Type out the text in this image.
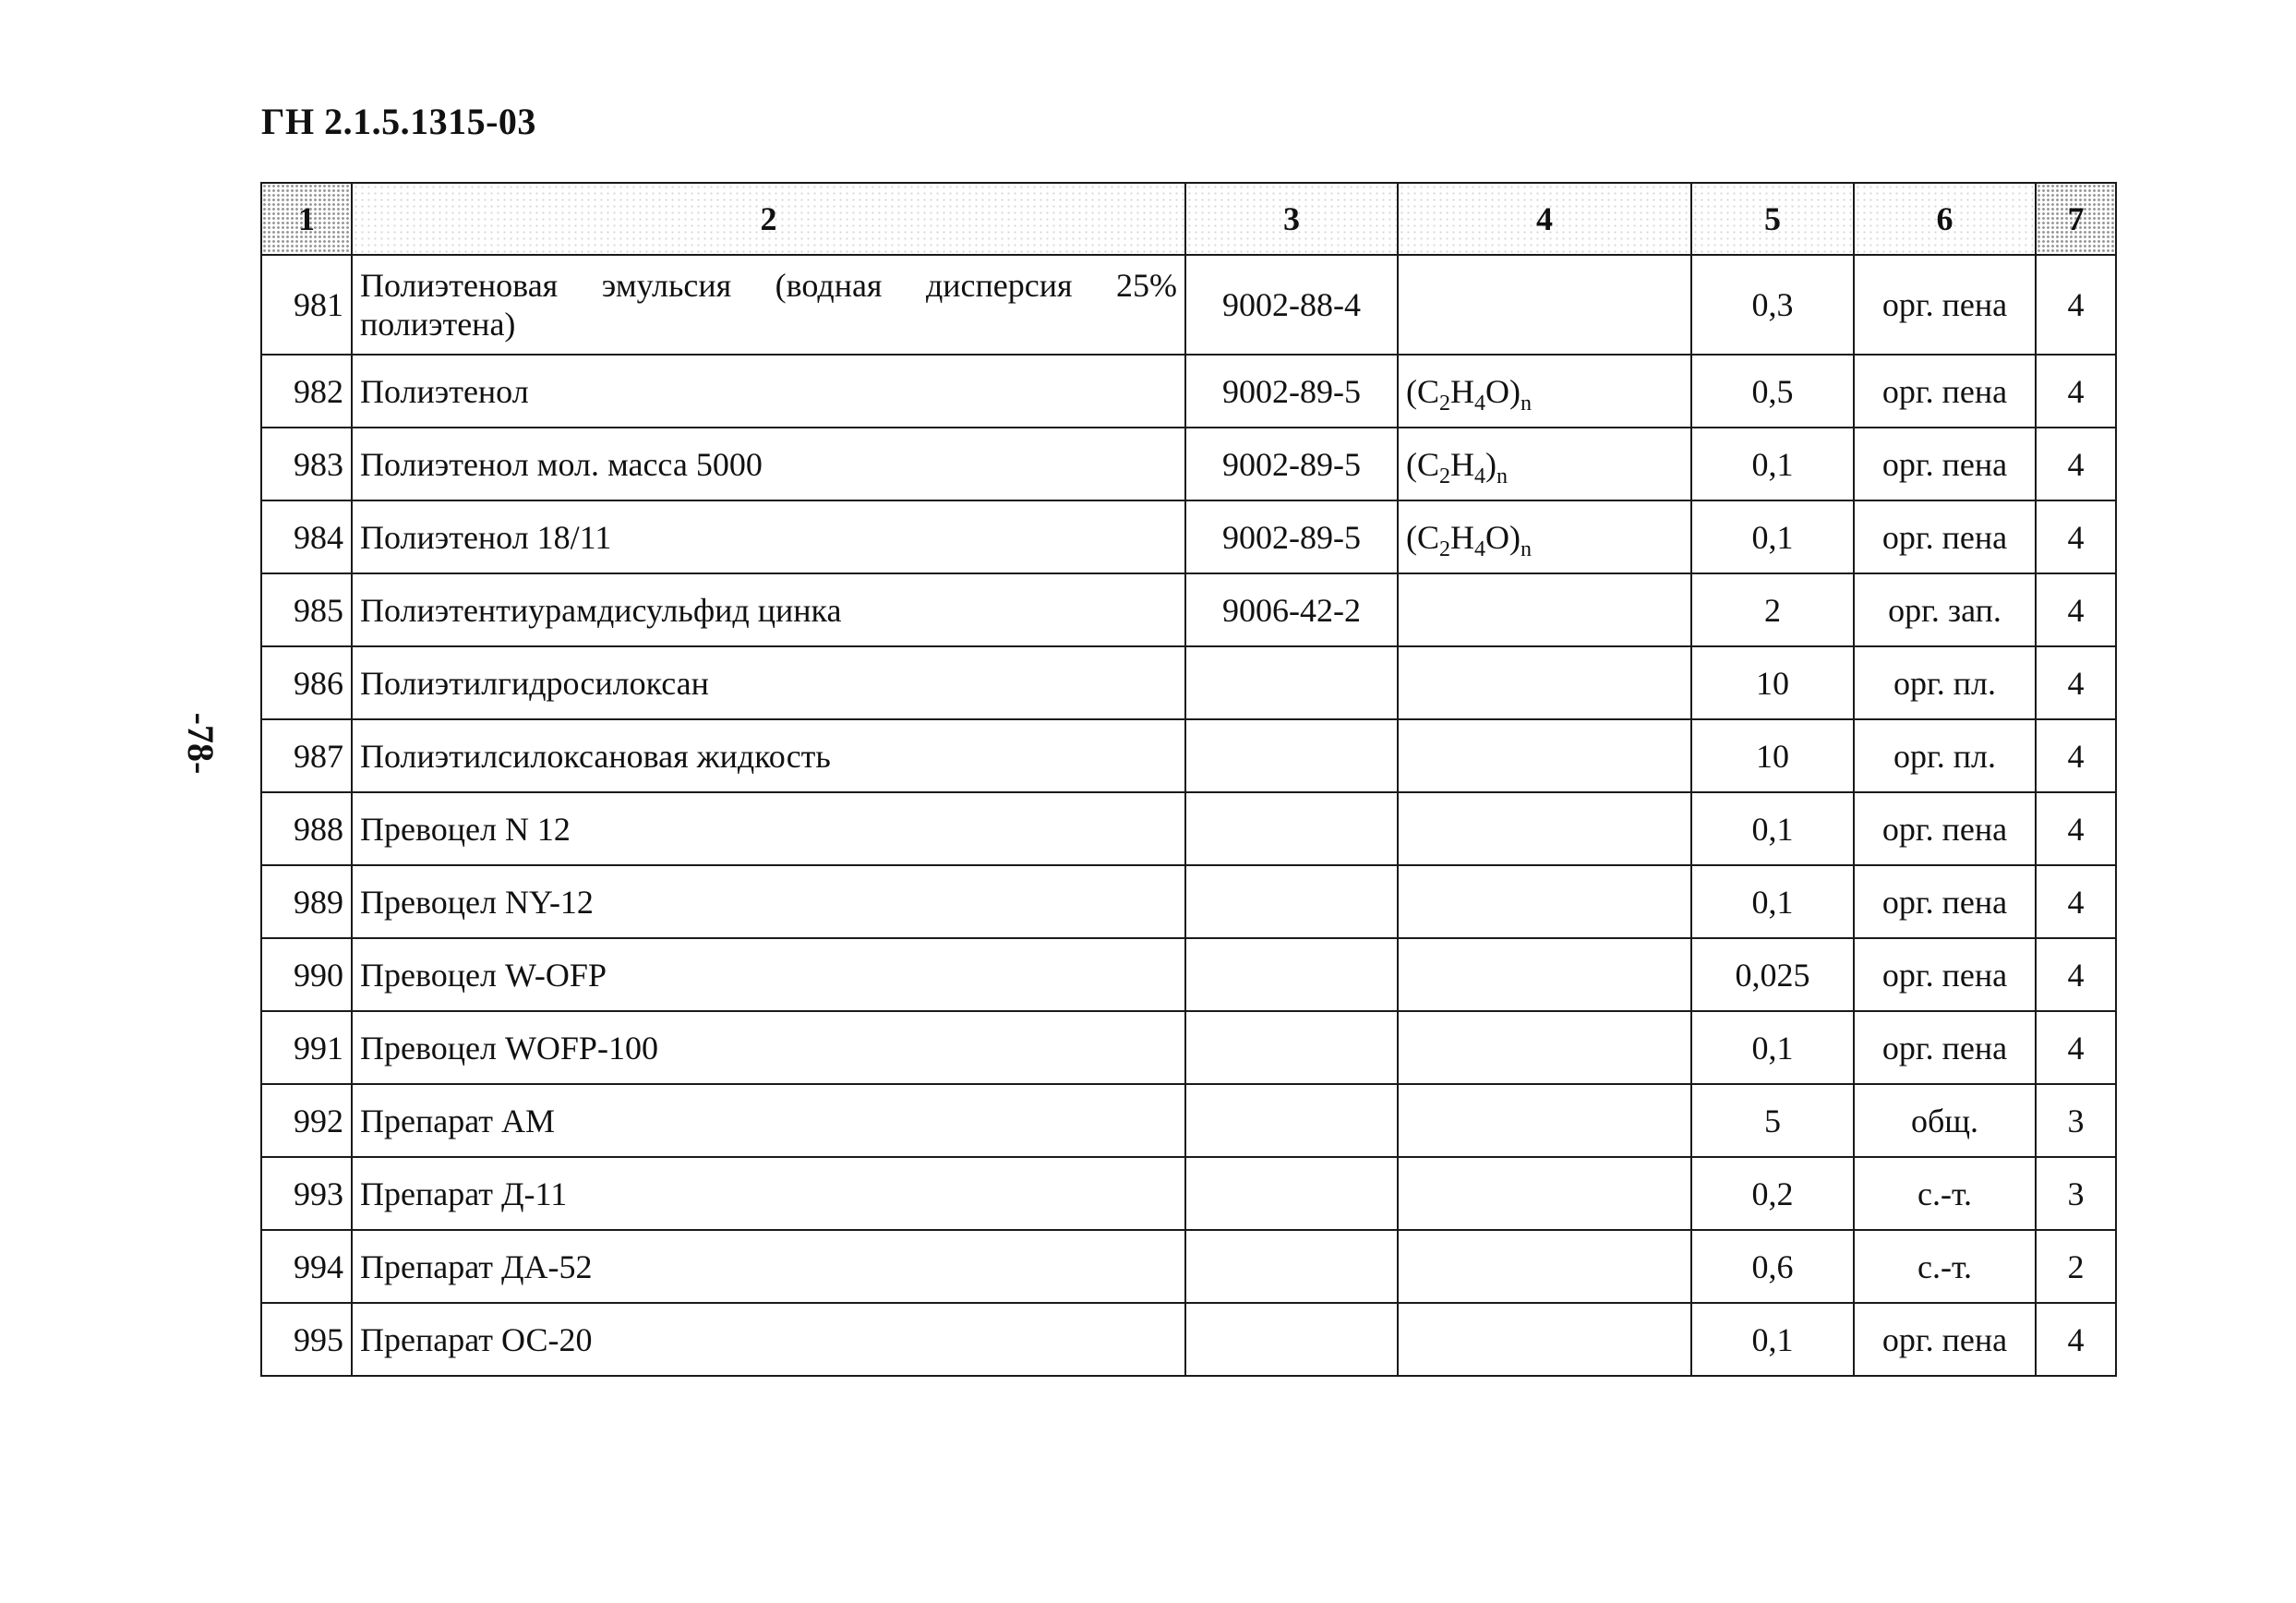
ГН 2.1.5.1315-03
-78-
1	2	3	4	5	6	7
981	Полиэтеновая эмульсия (водная дисперсия 25% полиэтена)	9002-88-4		0,3	орг. пена	4
982	Полиэтенол	9002-89-5	$(C_2H_4O)_n$	0,5	орг. пена	4
983	Полиэтенол мол. масса 5000	9002-89-5	$(C_2H_4)_n$	0,1	орг. пена	4
984	Полиэтенол 18/11	9002-89-5	$(C_2H_4O)_n$	0,1	орг. пена	4
985	Полиэтентиурамдисульфид цинка	9006-42-2		2	орг. зап.	4
986	Полиэтилгидросилоксан			10	орг. пл.	4
987	Полиэтилсилоксановая жидкость			10	орг. пл.	4
988	Превоцел N 12			0,1	орг. пена	4
989	Превоцел NY-12			0,1	орг. пена	4
990	Превоцел W-OFP			0,025	орг. пена	4
991	Превоцел WOFP-100			0,1	орг. пена	4
992	Препарат АМ			5	общ.	3
993	Препарат Д-11			0,2	с.-т.	3
994	Препарат ДА-52			0,6	с.-т.	2
995	Препарат ОС-20			0,1	орг. пена	4
